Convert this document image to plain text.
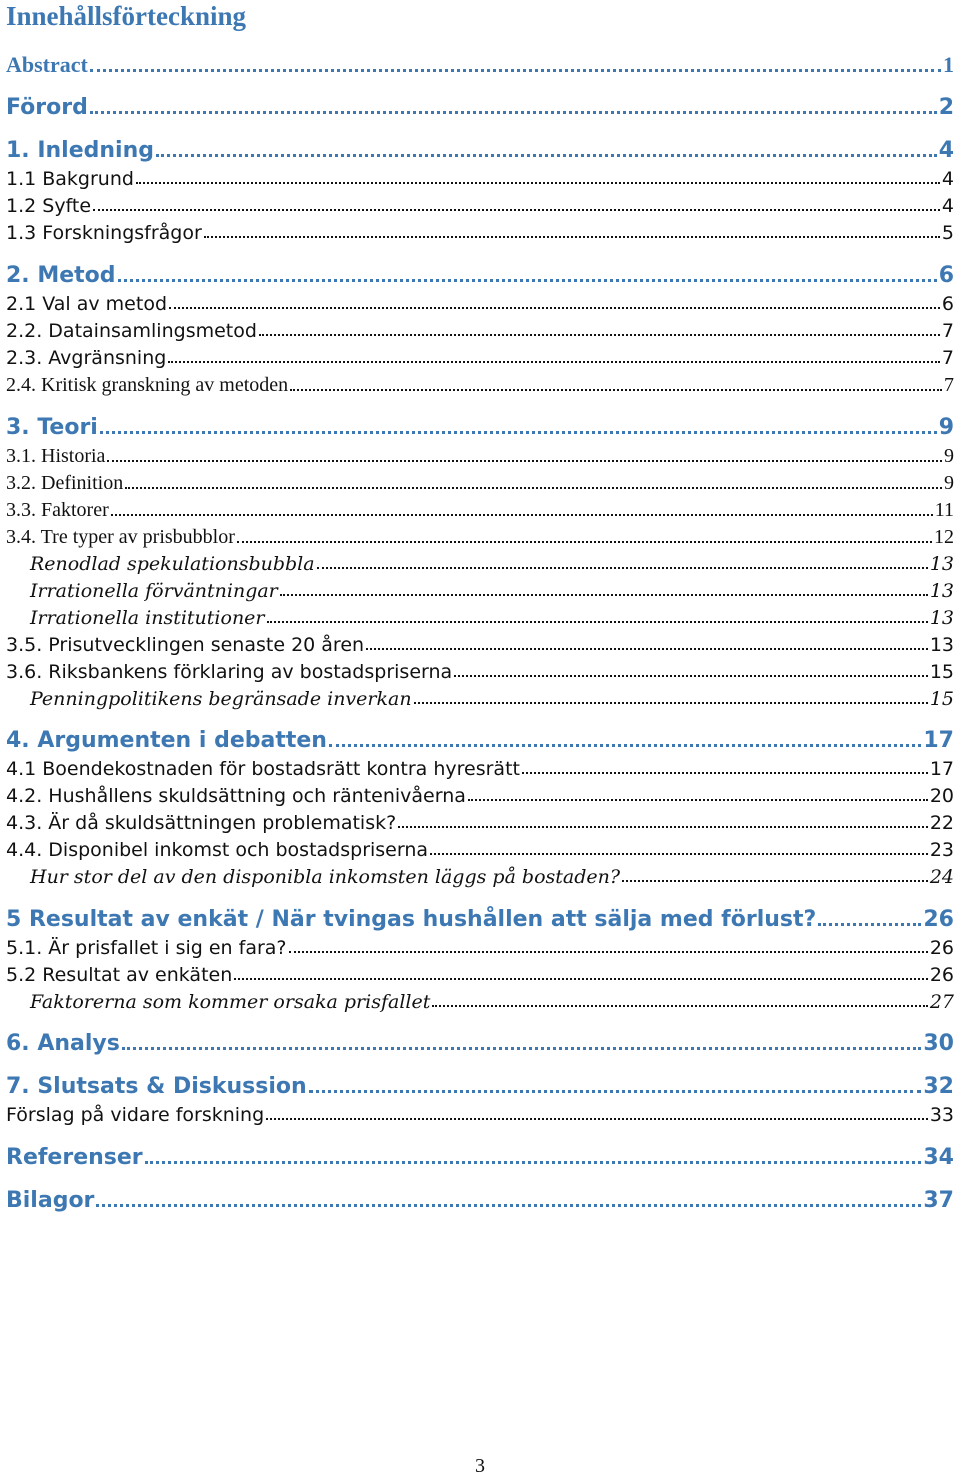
Innehållsförteckning
Abstract	1
Förord	2
1. Inledning	4
1.1 Bakgrund	4
1.2 Syfte	4
1.3 Forskningsfrågor	5
2. Metod	6
2.1 Val av metod	6
2.2. Datainsamlingsmetod	7
2.3. Avgränsning	7
2.4. Kritisk granskning av metoden	7
3. Teori	9
3.1. Historia	9
3.2. Definition	9
3.3. Faktorer	11
3.4. Tre typer av prisbubblor	12
Renodlad spekulationsbubbla	13
Irrationella förväntningar	13
Irrationella institutioner	13
3.5. Prisutvecklingen senaste 20 åren	13
3.6. Riksbankens förklaring av bostadspriserna	15
Penningpolitikens begränsade inverkan	15
4. Argumenten i debatten	17
4.1 Boendekostnaden för bostadsrätt kontra hyresrätt	17
4.2. Hushållens skuldsättning och räntenivåerna	20
4.3. Är då skuldsättningen problematisk?	22
4.4. Disponibel inkomst och bostadspriserna	23
Hur stor del av den disponibla inkomsten läggs på bostaden?	24
5 Resultat av enkät / När tvingas hushållen att sälja med förlust?	26
5.1. Är prisfallet i sig en fara?	26
5.2 Resultat av enkäten	26
Faktorerna som kommer orsaka prisfallet	27
6. Analys	30
7. Slutsats & Diskussion	32
Förslag på vidare forskning	33
Referenser	34
Bilagor	37
3
